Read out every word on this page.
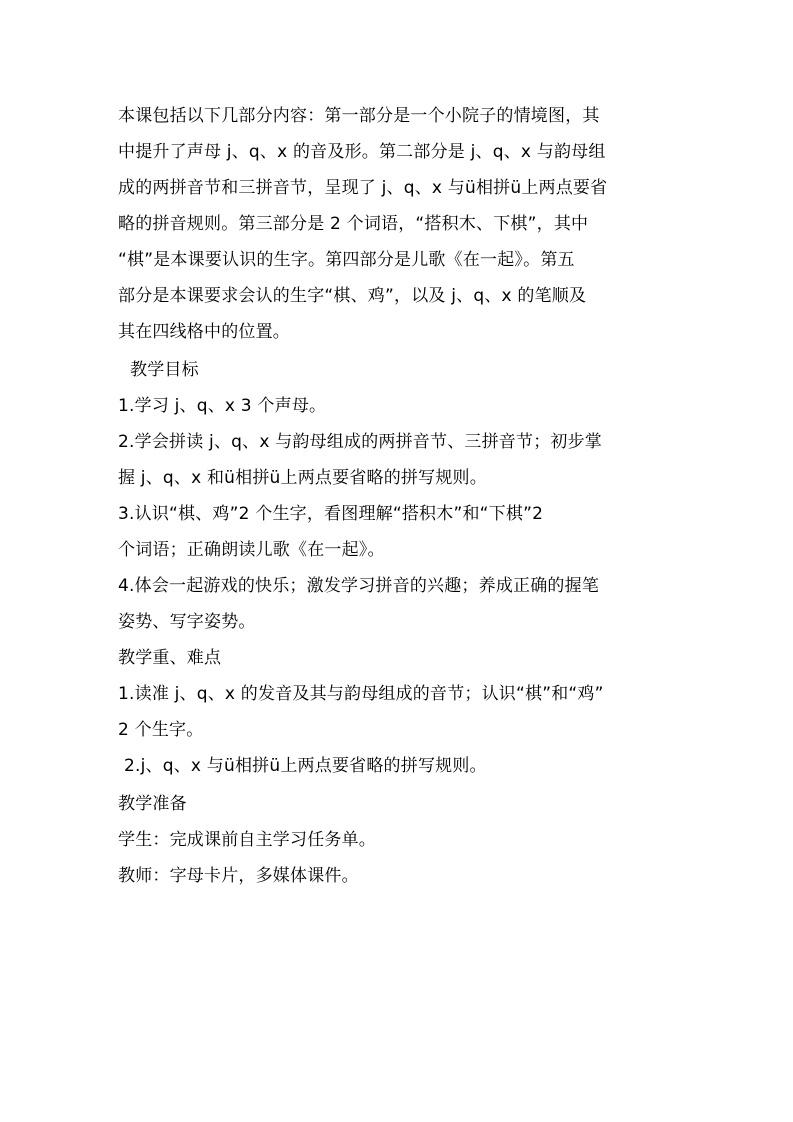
本课包括以下几部分内容：第一部分是一个小院子的情境图，其
中提升了声母 j、q、x 的音及形。第二部分是 j、q、x 与韵母组
成的两拼音节和三拼音节，呈现了 j、q、x 与ü相拼ü上两点要省
略的拼音规则。第三部分是 2 个词语，“搭积木、下棋”，其中
“棋”是本课要认识的生字。第四部分是儿歌《在一起》。第五
部分是本课要求会认的生字“棋、鸡”，以及 j、q、x 的笔顺及
其在四线格中的位置。
教学目标
1.学习 j、q、x 3 个声母。
2.学会拼读 j、q、x 与韵母组成的两拼音节、三拼音节；初步掌
握 j、q、x 和ü相拼ü上两点要省略的拼写规则。
3.认识“棋、鸡”2 个生字，看图理解“搭积木”和“下棋”2
个词语；正确朗读儿歌《在一起》。
4.体会一起游戏的快乐；激发学习拼音的兴趣；养成正确的握笔
姿势、写字姿势。
教学重、难点
1.读准 j、q、x 的发音及其与韵母组成的音节；认识“棋”和“鸡”
2 个生字。
2.j、q、x 与ü相拼ü上两点要省略的拼写规则。
教学准备
学生：完成课前自主学习任务单。
教师：字母卡片，多媒体课件。
